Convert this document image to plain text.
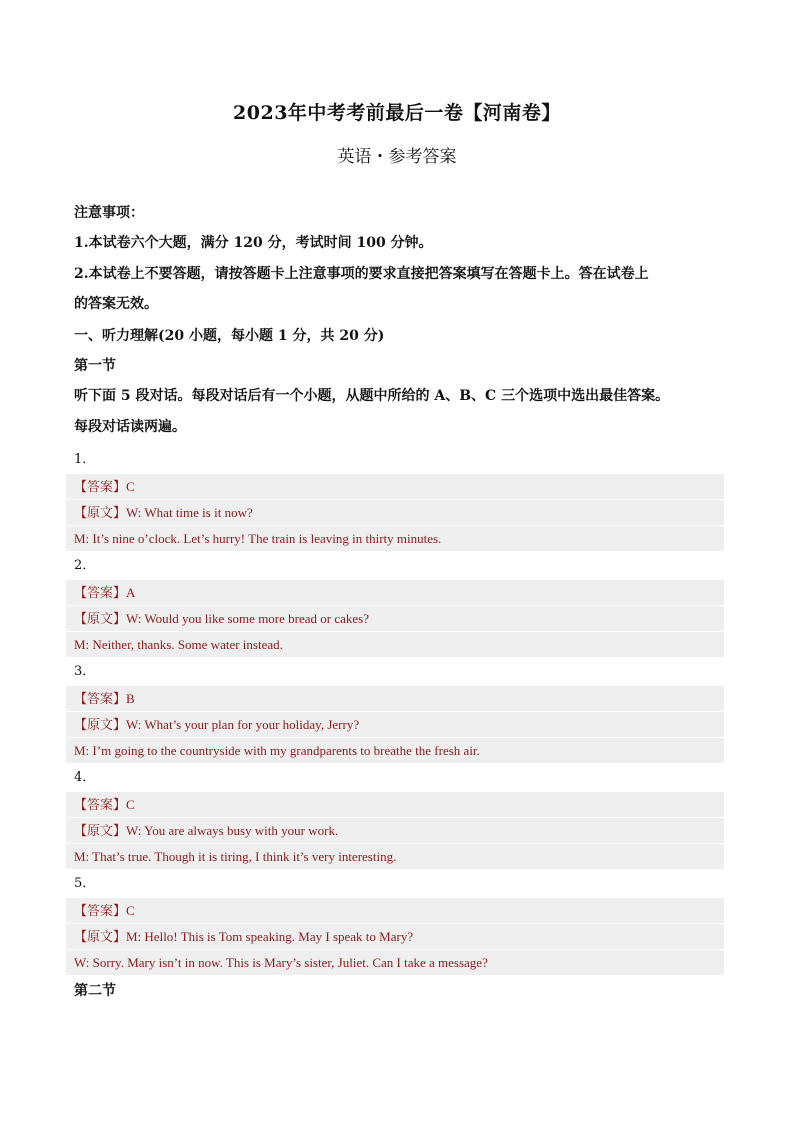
2023年中考考前最后一卷【河南卷】
英语・参考答案
注意事项：
1.本试卷六个大题，满分 120 分，考试时间 100 分钟。
2.本试卷上不要答题，请按答题卡上注意事项的要求直接把答案填写在答题卡上。答在试卷上
的答案无效。
一、听力理解(20 小题，每小题 1 分，共 20 分)
第一节
听下面 5 段对话。每段对话后有一个小题，从题中所给的 A、B、C 三个选项中选出最佳答案。
每段对话读两遍。
1．
【答案】C
【原文】W: What time is it now?
M: It’s nine o’clock. Let’s hurry! The train is leaving in thirty minutes.
2．
【答案】A
【原文】W: Would you like some more bread or cakes?
M: Neither, thanks. Some water instead.
3．
【答案】B
【原文】W: What’s your plan for your holiday, Jerry?
M: I’m going to the countryside with my grandparents to breathe the fresh air.
4．
【答案】C
【原文】W: You are always busy with your work.
M: That’s true. Though it is tiring, I think it’s very interesting.
5．
【答案】C
【原文】M: Hello! This is Tom speaking. May I speak to Mary?
W: Sorry. Mary isn’t in now. This is Mary’s sister, Juliet. Can I take a message?
第二节
